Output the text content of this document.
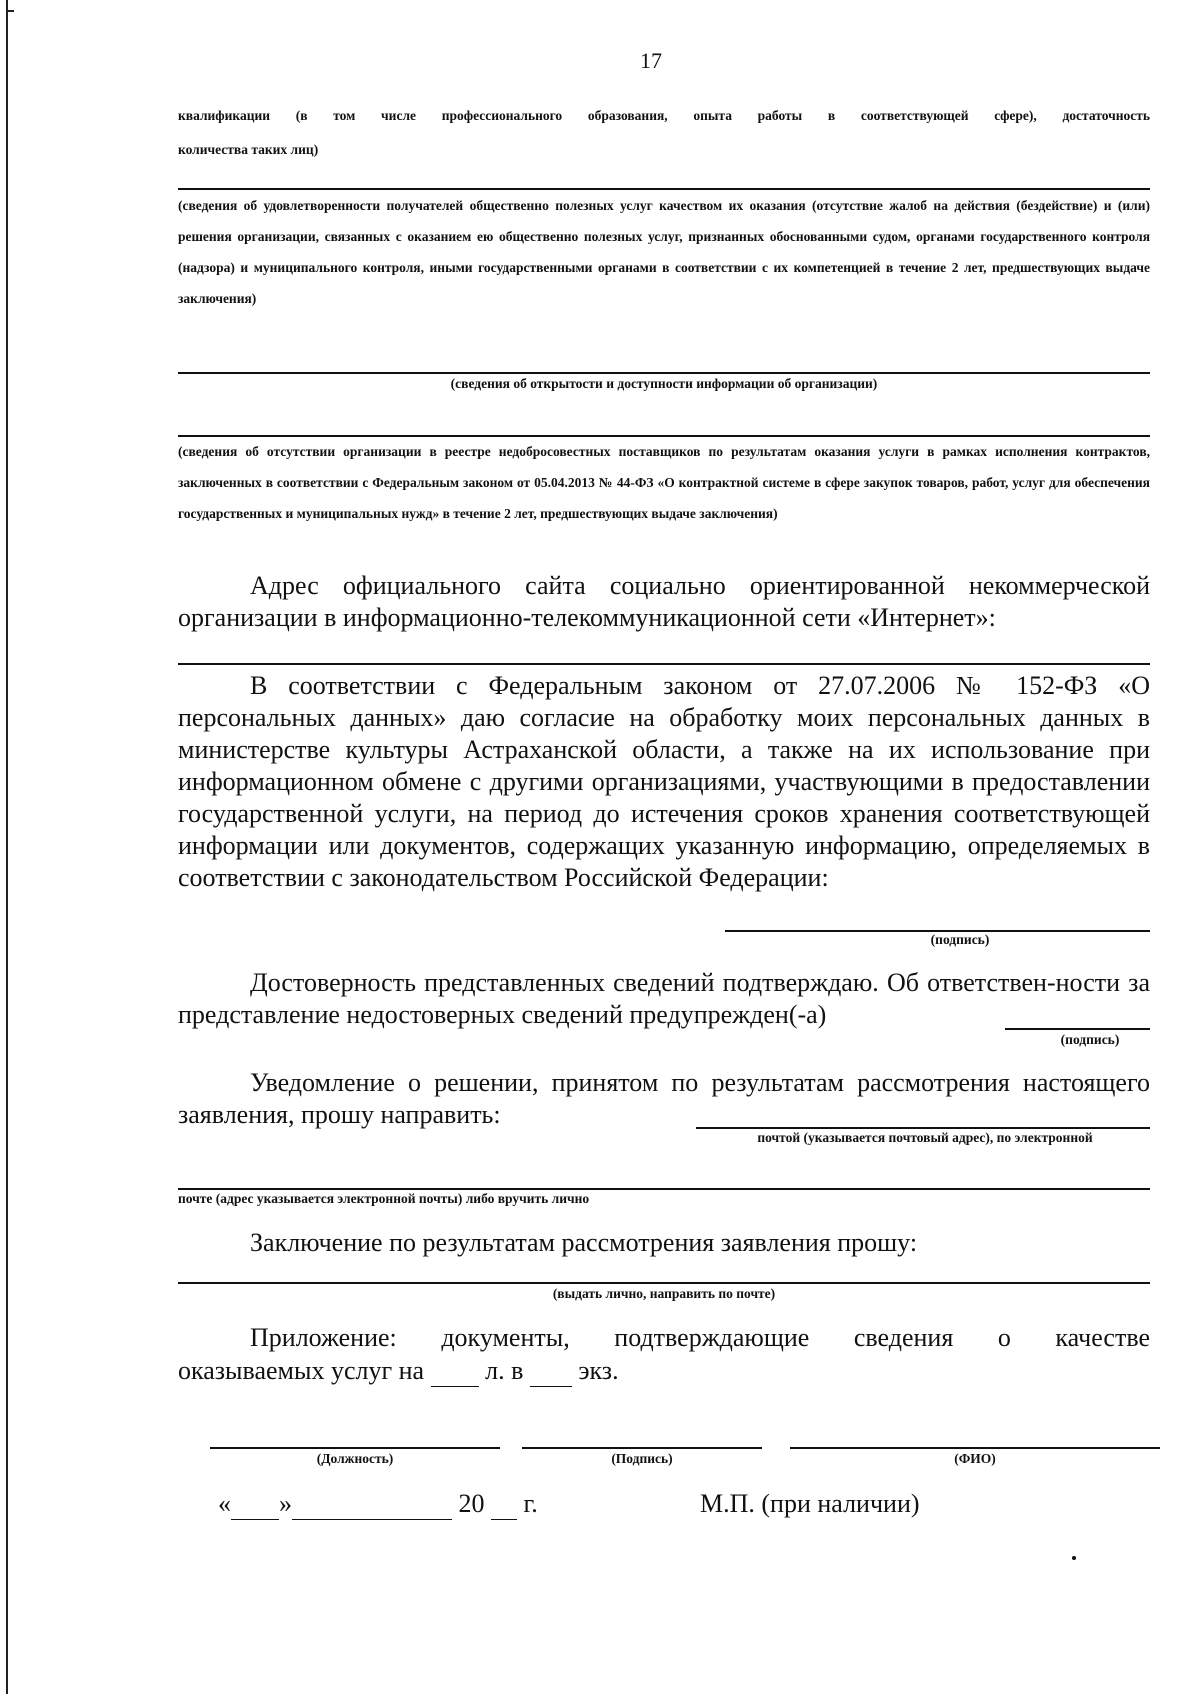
17
квалификации (в том числе профессионального образования, опыта работы в соответствующей сфере), достаточность
количества таких лиц)
(сведения об удовлетворенности получателей общественно полезных услуг качеством их оказания (отсутствие жалоб на действия (бездействие) и (или) решения организации, связанных с оказанием ею общественно полезных услуг, признанных обоснованными судом, органами государственного контроля (надзора) и муниципального контроля, иными государственными органами в соответствии с их компетенцией в течение 2 лет, предшествующих выдаче заключения)
(сведения об открытости и доступности информации об организации)
(сведения об отсутствии организации в реестре недобросовестных поставщиков по результатам оказания услуги в рамках исполнения контрактов, заключенных в соответствии с Федеральным законом от 05.04.2013 № 44-ФЗ «О контрактной системе в сфере закупок товаров, работ, услуг для обеспечения государственных и муниципальных нужд» в течение 2 лет, предшествующих выдаче заключения)
Адрес официального сайта социально ориентированной некоммерческой организации в информационно-телекоммуникационной сети «Интернет»:
В соответствии с Федеральным законом от 27.07.2006 № 152-ФЗ «О персональных данных» даю согласие на обработку моих персональных данных в министерстве культуры Астраханской области, а также на их использование при информационном обмене с другими организациями, участвующими в предоставлении государственной услуги, на период до истечения сроков хранения соответствующей информации или документов, содержащих указанную информацию, определяемых в соответствии с законодательством Российской Федерации:
(подпись)
Достоверность представленных сведений подтверждаю. Об ответствен-ности за представление недостоверных сведений предупрежден(-а)
(подпись)
Уведомление о решении, принятом по результатам рассмотрения настоящего заявления, прошу направить:
почтой (указывается почтовый адрес), по электронной
почте (адрес указывается электронной почты) либо вручить лично
Заключение по результатам рассмотрения заявления прошу:
(выдать лично, направить по почте)
Приложение: документы, подтверждающие сведения о качестве
оказываемых услуг на л. в экз.
(Должность)	(Подпись)	(ФИО)
« »	20 г.	М.П. (при наличии)
